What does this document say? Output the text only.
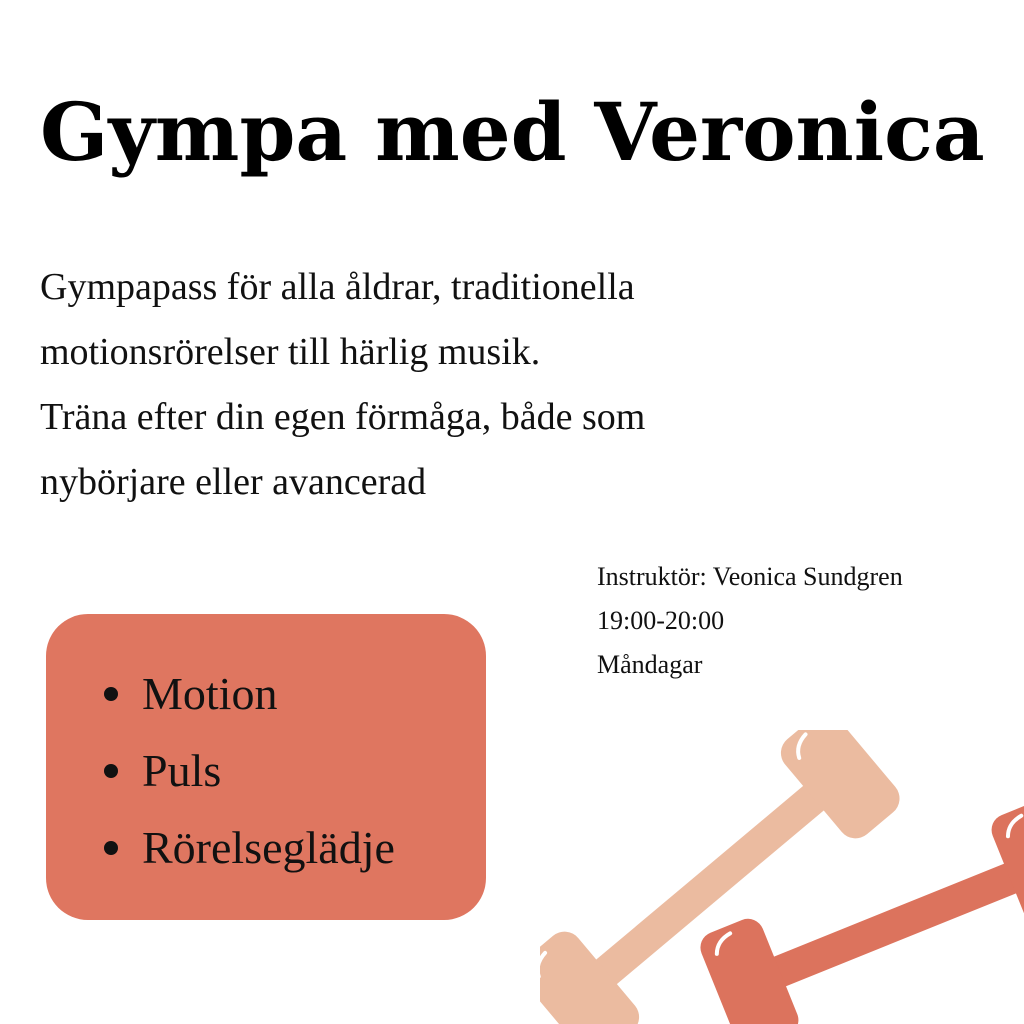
Gympa med Veronica
Gympapass för alla åldrar, traditionella
motionsrörelser till härlig musik.
Träna efter din egen förmåga, både som
nybörjare eller avancerad
Instruktör: Veonica Sundgren
19:00-20:00
Måndagar
Motion
Puls
Rörelseglädje
